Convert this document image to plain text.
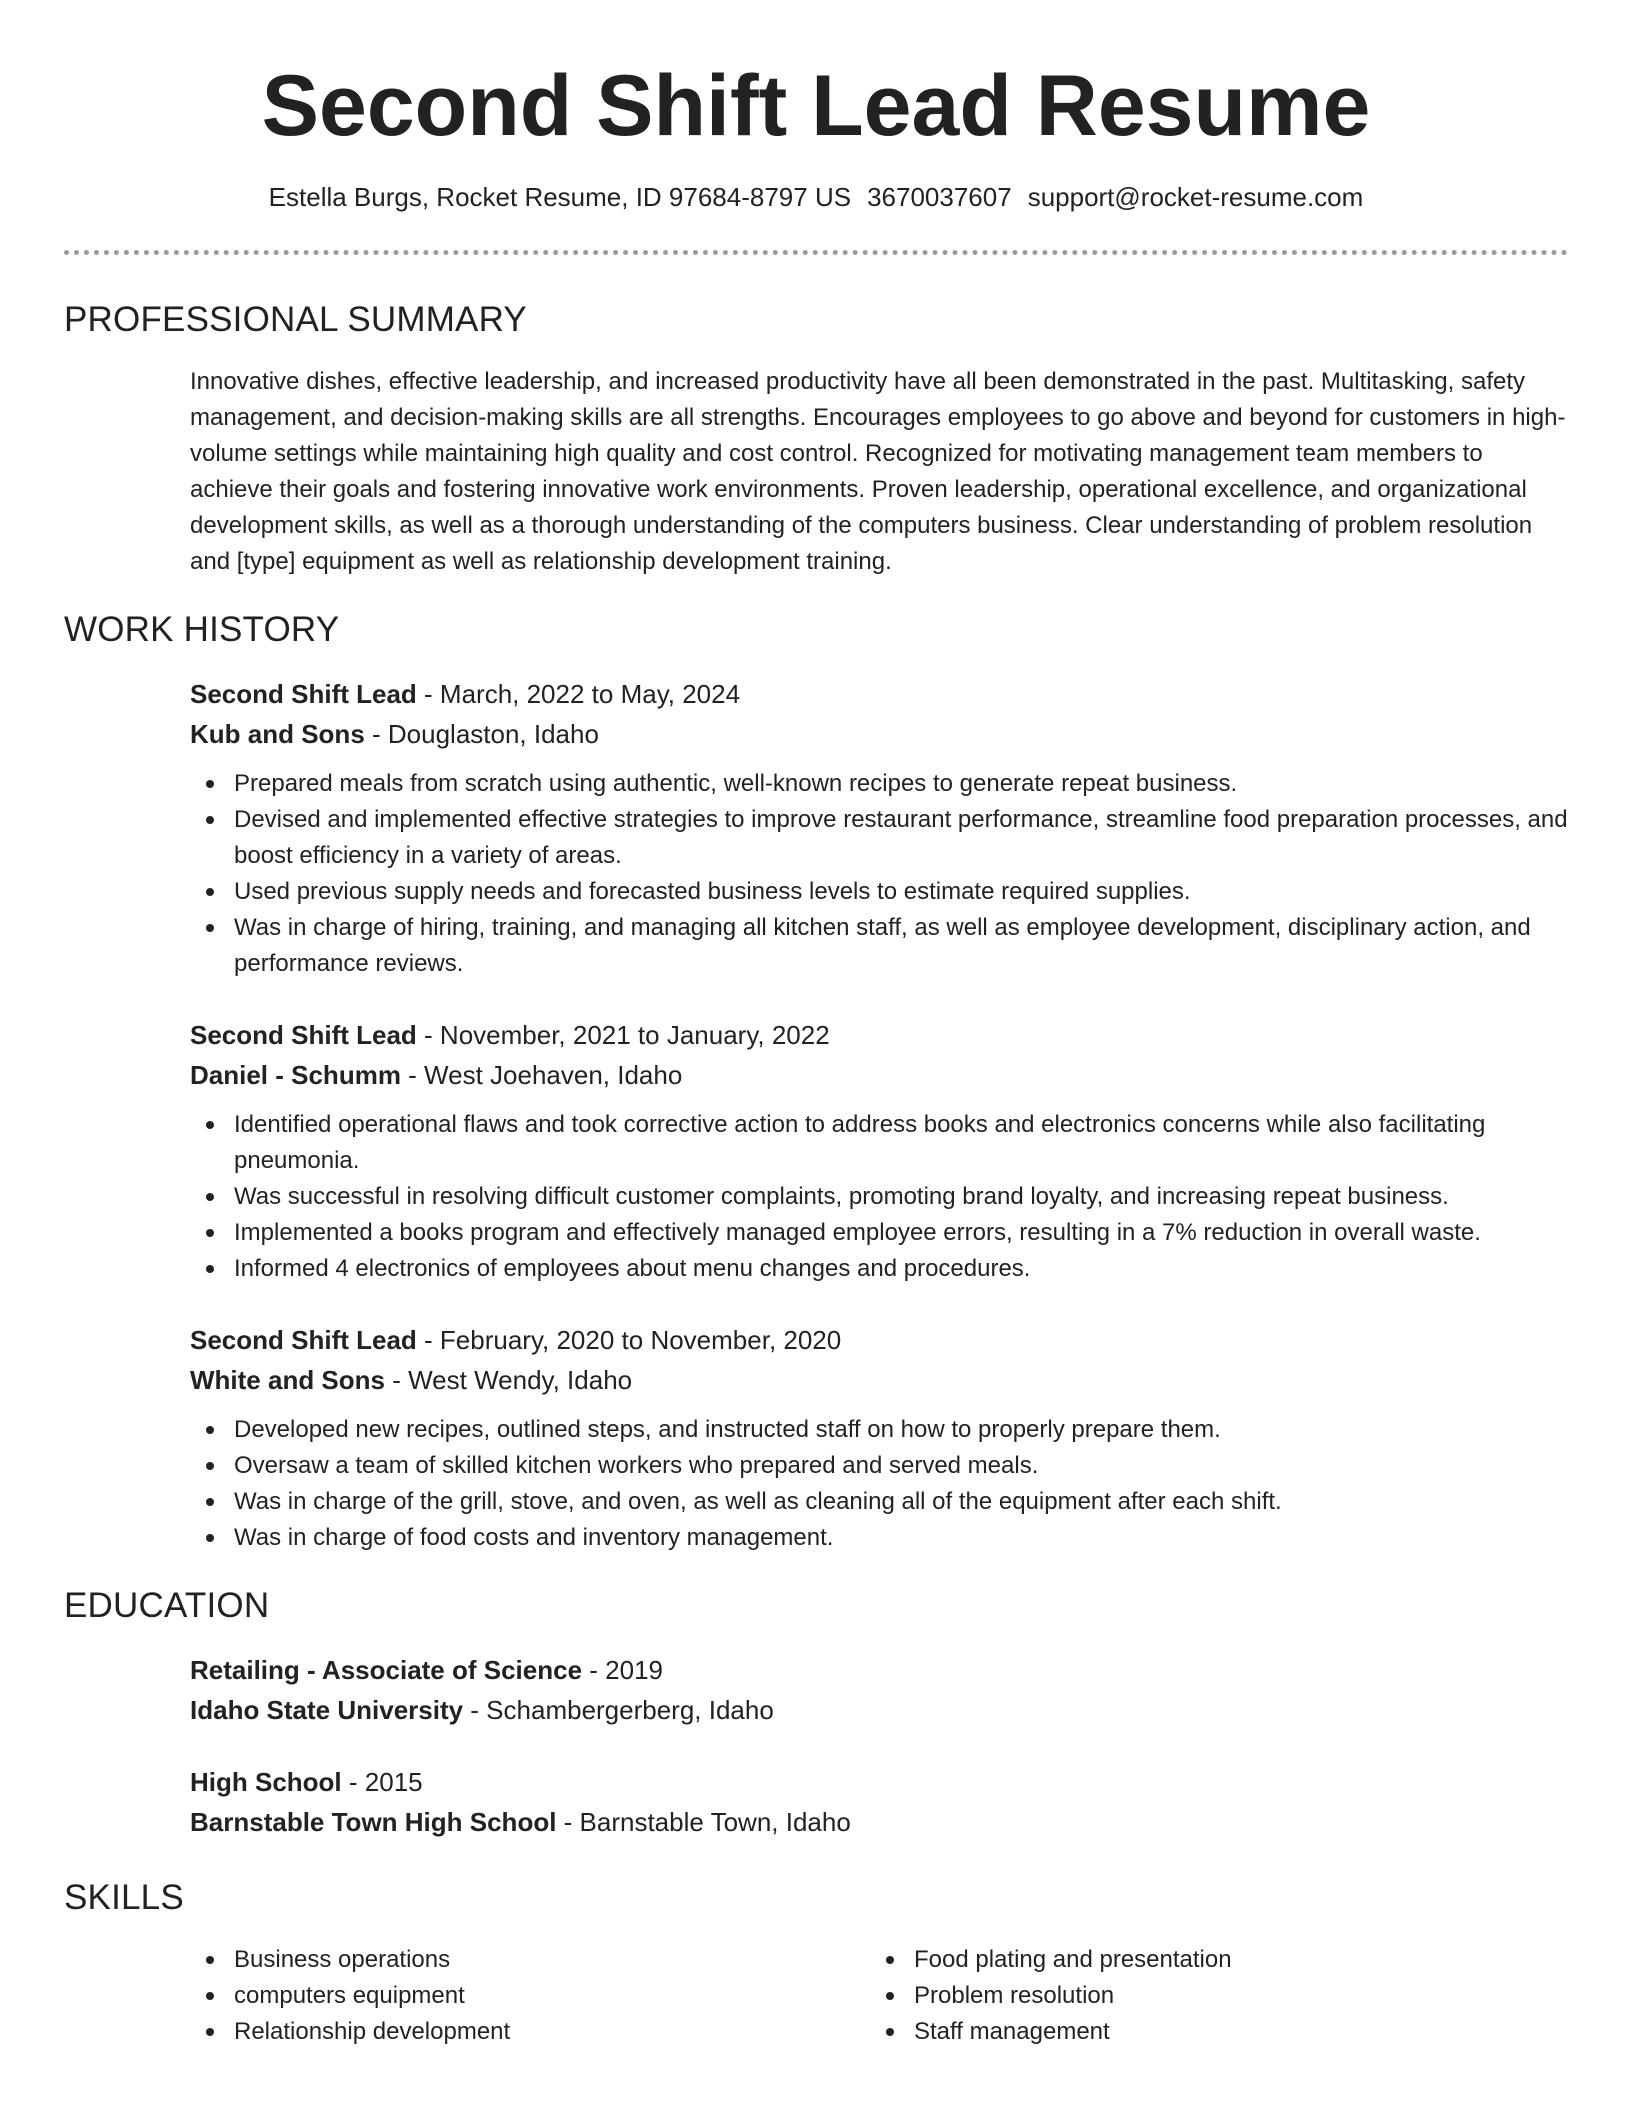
Second Shift Lead Resume
Estella Burgs, Rocket Resume, ID 97684-8797 US 3670037607 support@rocket-resume.com
PROFESSIONAL SUMMARY

Innovative dishes, effective leadership, and increased productivity have all been demonstrated in the past. Multitasking, safety management, and decision-making skills are all strengths. Encourages employees to go above and beyond for customers in high-volume settings while maintaining high quality and cost control. Recognized for motivating management team members to achieve their goals and fostering innovative work environments. Proven leadership, operational excellence, and organizational development skills, as well as a thorough understanding of the computers business. Clear understanding of problem resolution and [type] equipment as well as relationship development training.

WORK HISTORY
Second Shift Lead - March, 2022 to May, 2024
Kub and Sons - Douglaston, Idaho
Prepared meals from scratch using authentic, well-known recipes to generate repeat business.
Devised and implemented effective strategies to improve restaurant performance, streamline food preparation processes, and boost efficiency in a variety of areas.
Used previous supply needs and forecasted business levels to estimate required supplies.
Was in charge of hiring, training, and managing all kitchen staff, as well as employee development, disciplinary action, and performance reviews.
Second Shift Lead - November, 2021 to January, 2022
Daniel - Schumm - West Joehaven, Idaho
Identified operational flaws and took corrective action to address books and electronics concerns while also facilitating pneumonia.
Was successful in resolving difficult customer complaints, promoting brand loyalty, and increasing repeat business.
Implemented a books program and effectively managed employee errors, resulting in a 7% reduction in overall waste.
Informed 4 electronics of employees about menu changes and procedures.
Second Shift Lead - February, 2020 to November, 2020
White and Sons - West Wendy, Idaho
Developed new recipes, outlined steps, and instructed staff on how to properly prepare them.
Oversaw a team of skilled kitchen workers who prepared and served meals.
Was in charge of the grill, stove, and oven, as well as cleaning all of the equipment after each shift.
Was in charge of food costs and inventory management.
EDUCATION
Retailing - Associate of Science - 2019
Idaho State University - Schambergerberg, Idaho
High School - 2015
Barnstable Town High School - Barnstable Town, Idaho
SKILLS
Business operations
computers equipment
Relationship development
Food plating and presentation
Problem resolution
Staff management
